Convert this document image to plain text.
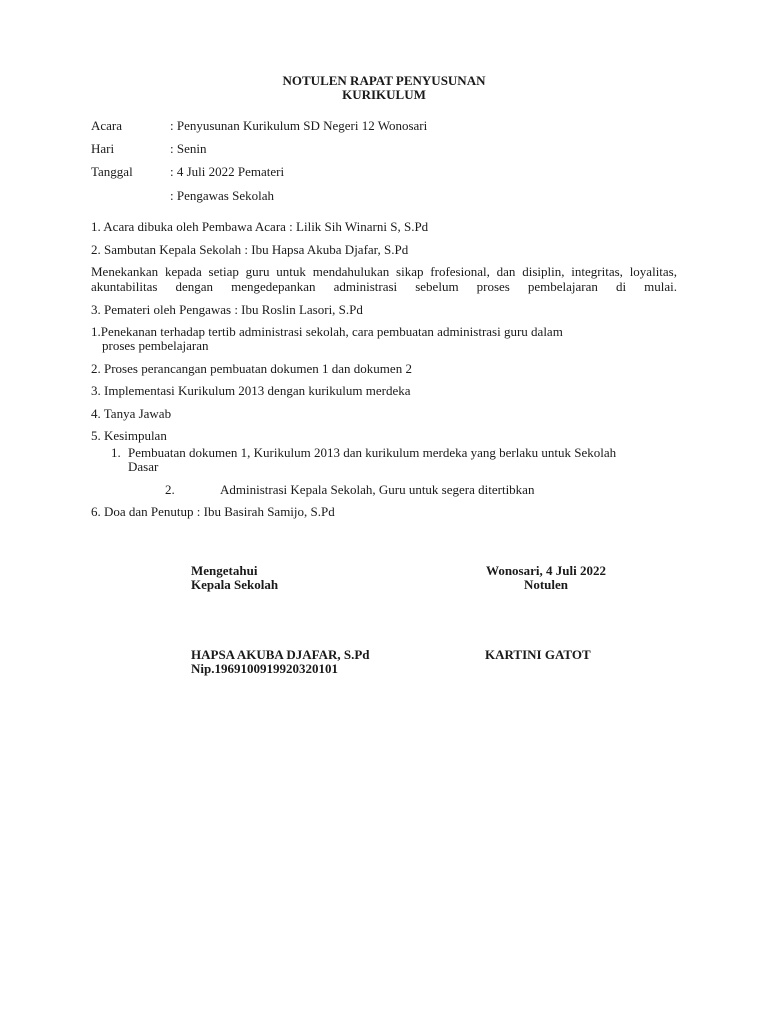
NOTULEN RAPAT PENYUSUNAN
KURIKULUM
Acara	: Penyusunan Kurikulum SD Negeri 12 Wonosari
Hari	: Senin
Tanggal	: 4 Juli 2022 Pemateri
: Pengawas Sekolah
1. Acara dibuka oleh Pembawa Acara : Lilik Sih Winarni S, S.Pd
2. Sambutan Kepala Sekolah : Ibu Hapsa Akuba Djafar, S.Pd
Menekankan kepada setiap guru untuk mendahulukan sikap frofesional, dan disiplin, integritas, loyalitas, akuntabilitas dengan mengedepankan administrasi sebelum proses pembelajaran di mulai.
3. Pemateri oleh Pengawas : Ibu Roslin Lasori, S.Pd
1.Penekanan terhadap tertib administrasi sekolah, cara pembuatan administrasi guru dalam
proses pembelajaran
2. Proses perancangan pembuatan dokumen 1 dan dokumen 2
3. Implementasi Kurikulum 2013 dengan kurikulum merdeka
4. Tanya Jawab
5. Kesimpulan
1. Pembuatan dokumen 1, Kurikulum 2013 dan kurikulum merdeka yang berlaku untuk Sekolah
Dasar
2.	Administrasi Kepala Sekolah, Guru untuk segera ditertibkan
6. Doa dan Penutup : Ibu Basirah Samijo, S.Pd
Mengetahui
Kepala Sekolah
Wonosari, 4 Juli 2022
Notulen
HAPSA AKUBA DJAFAR, S.Pd
Nip.196910091992032010​1
KARTINI GATOT
